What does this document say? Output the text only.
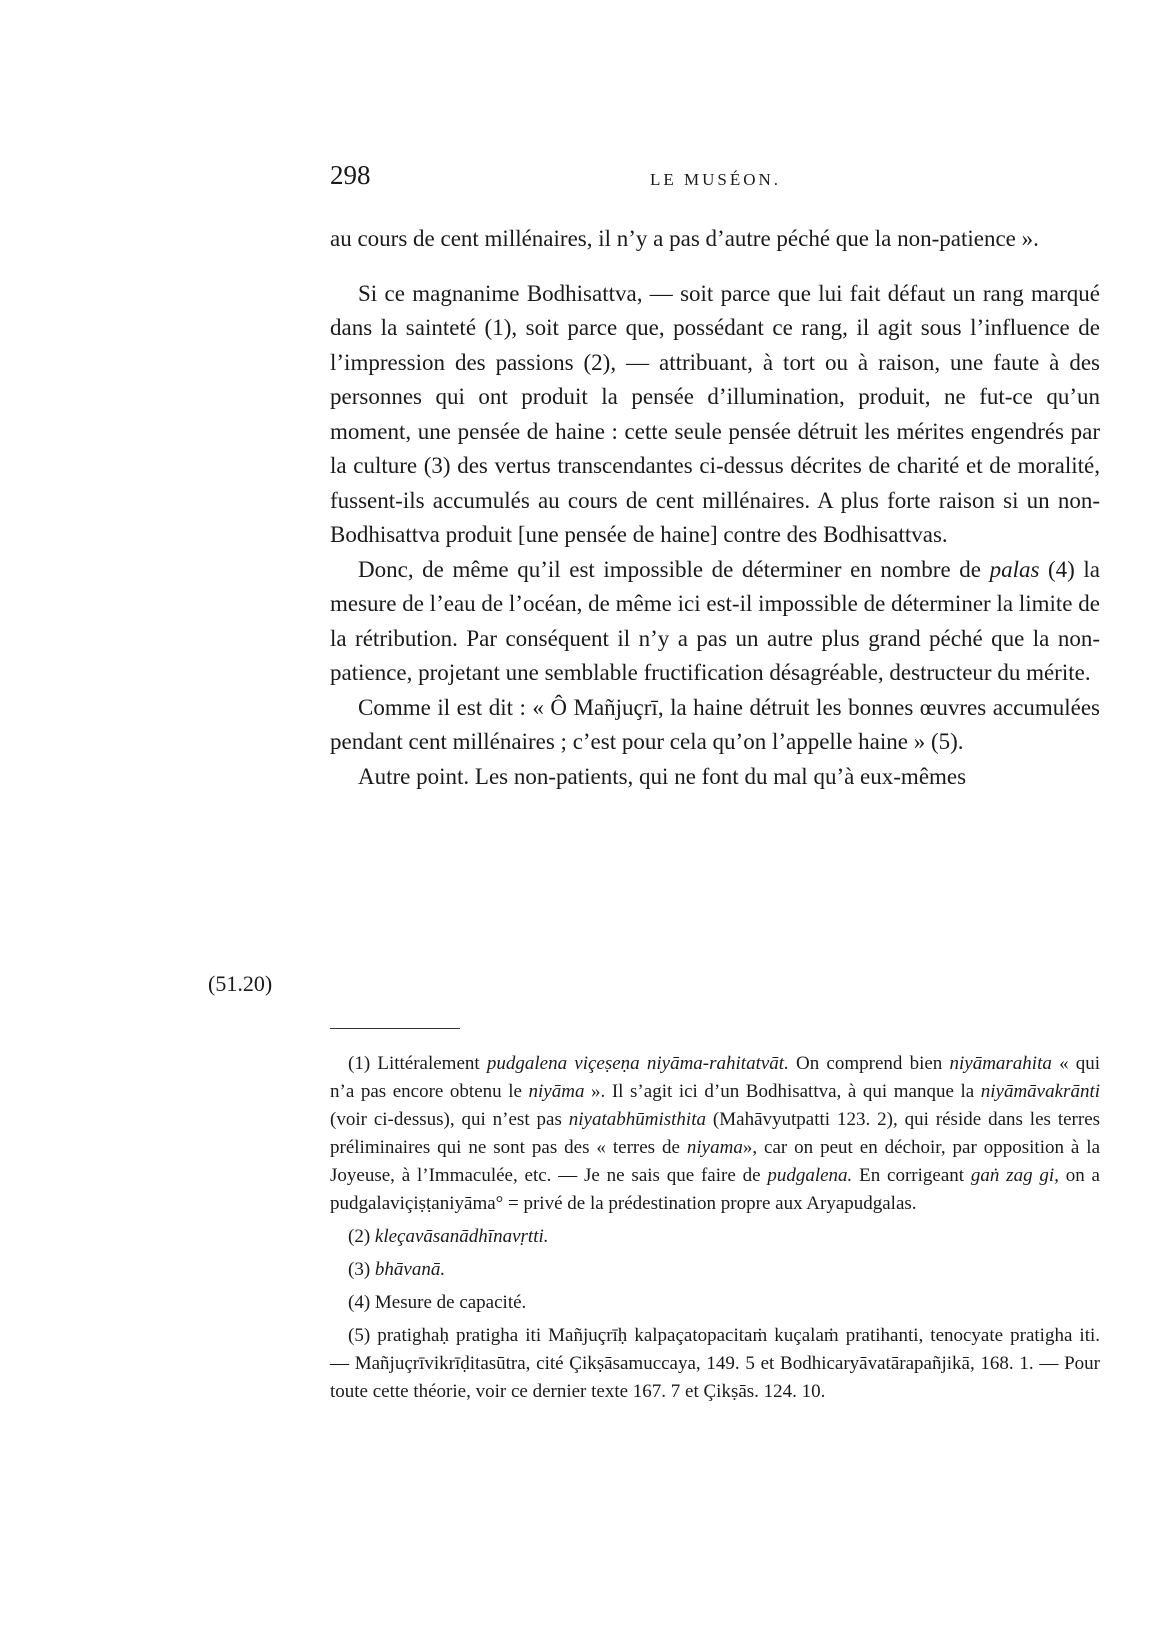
298	LE MUSÉON.

au cours de cent millénaires, il n’y a pas d’autre péché que la non-patience ».

Si ce magnanime Bodhisattva, — soit parce que lui fait défaut un rang marqué dans la sainteté (1), soit parce que, possédant ce rang, il agit sous l’influence de l’impression des passions (2), — attribuant, à tort ou à raison, une faute à des personnes qui ont produit la pensée d’illumination, produit, ne fut-ce qu’un moment, une pensée de haine : cette seule pensée détruit les mérites engendrés par la culture (3) des vertus transcendantes ci-dessus décrites de charité et de moralité, fussent-ils accumulés au cours de cent millénaires. A plus forte raison si un non-Bodhisattva produit [une pensée de haine] contre des Bodhisattvas.

Donc, de même qu’il est impossible de déterminer en nombre de palas (4) la mesure de l’eau de l’océan, de même ici est-il impossible de déterminer la limite de la rétribution. Par conséquent il n’y a pas un autre plus grand péché que la non-patience, projetant une semblable fructification désagréable, destructeur du mérite.

Comme il est dit : « Ô Mañjuçrī, la haine détruit les bonnes œuvres accumulées pendant cent millénaires ; c’est pour cela qu’on l’appelle haine » (5).

Autre point. Les non-patients, qui ne font du mal qu’à eux-mêmes

(51.20)

(1) Littéralement pudgalena viçeṣeṇa niyāma-rahitatvāt. On comprend bien niyāmarahita « qui n’a pas encore obtenu le niyāma ». Il s’agit ici d’un Bodhisattva, à qui manque la niyāmāvakrānti (voir ci-dessus), qui n’est pas niyatabhūmisthita (Mahāvyutpatti 123. 2), qui réside dans les terres préliminaires qui ne sont pas des « terres de niyama», car on peut en déchoir, par opposition à la Joyeuse, à l’Immaculée, etc. — Je ne sais que faire de pudgalena. En corrigeant gaṅ zag gi, on a pudgalaviçiṣṭaniyāma° = privé de la prédestination propre aux Aryapudgalas.

(2) kleçavāsanādhīnavṛtti.

(3) bhāvanā.

(4) Mesure de capacité.

(5) pratighaḥ pratigha iti Mañjuçrīḥ kalpaçatopacitaṁ kuçalaṁ pratihanti, tenocyate pratigha iti. — Mañjuçrīvikrīḍitasūtra, cité Çikṣāsamuccaya, 149. 5 et Bodhicaryāvatārapañjikā, 168. 1. — Pour toute cette théorie, voir ce dernier texte 167. 7 et Çikṣās. 124. 10.
